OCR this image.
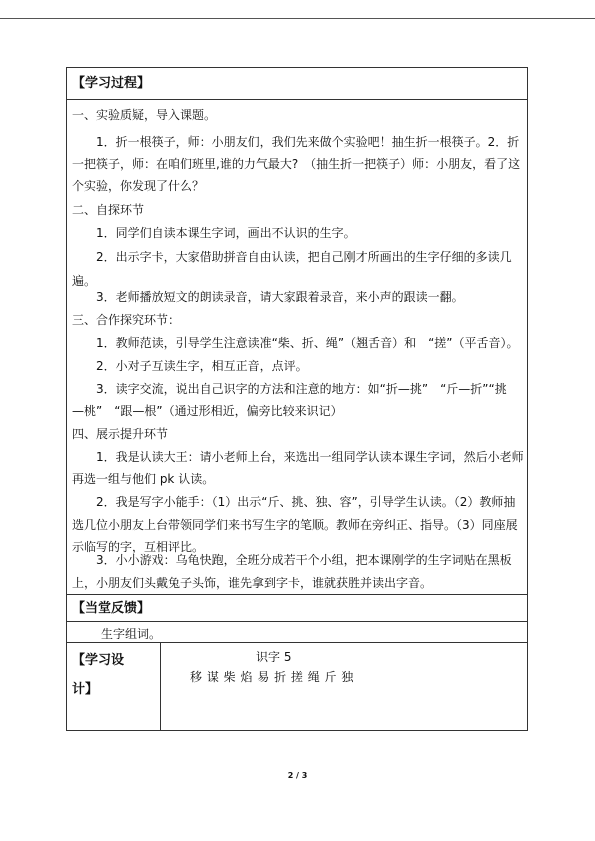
【学习过程】
一、实验质疑，导入课题。
1．折一根筷子，师：小朋友们，我们先来做个实验吧！抽生折一根筷子。2．折
一把筷子，师：在咱们班里,谁的力气最大?　（抽生折一把筷子）师：小朋友，看了这
个实验，你发现了什么？
二、自探环节
1．同学们自读本课生字词，画出不认识的生字。
2．出示字卡，大家借助拼音自由认读，把自己刚才所画出的生字仔细的多读几
遍。
3．老师播放短文的朗读录音，请大家跟着录音，来小声的跟读一翻。
三、合作探究环节：
1．教师范读，引导学生注意读准“柴、折、绳”（翘舌音）和　“搓”（平舌音）。
2．小对子互读生字，相互正音，点评。
3．读字交流，说出自己识字的方法和注意的地方：如“折—挑”　“斤—折”“挑
—桃”　“跟—根”（通过形相近，偏旁比较来识记）
四、展示提升环节
1．我是认读大王：请小老师上台，来选出一组同学认读本课生字词，然后小老师
再选一组与他们 pk 认读。
2．我是写字小能手：（1）出示“斤、挑、独、容”，引导学生认读。（2）教师抽
选几位小朋友上台带领同学们来书写生字的笔顺。教师在旁纠正、指导。（3）同座展
示临写的字，互相评比。
3．小小游戏：乌龟快跑，全班分成若干个小组，把本课刚学的生字词贴在黑板
上，小朋友们头戴兔子头饰，谁先拿到字卡，谁就获胜并读出字音。
【当堂反馈】
生字组词。
【学习设
计】
识字 5
移 谋 柴 焰 易 折 搓 绳 斤 独
2 / 3
